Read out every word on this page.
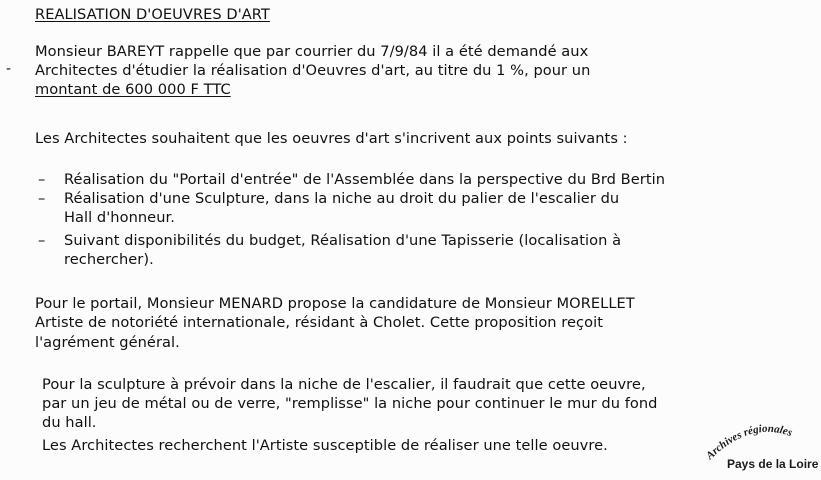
REALISATION D'OEUVRES D'ART
-
Monsieur BAREYT rappelle que par courrier du 7/9/84 il a été demandé aux
Architectes d'étudier la réalisation d'Oeuvres d'art, au titre du 1 %, pour un
montant de 600 000 F TTC
Les Architectes souhaitent que les oeuvres d'art s'incrivent aux points suivants :
– Réalisation du "Portail d'entrée" de l'Assemblée dans la perspective du Brd Bertin
– Réalisation d'une Sculpture, dans la niche au droit du palier de l'escalier du
Hall d'honneur.
– Suivant disponibilités du budget, Réalisation d'une Tapisserie (localisation à
rechercher).
Pour le portail, Monsieur MENARD propose la candidature de Monsieur MORELLET
Artiste de notoriété internationale, résidant à Cholet. Cette proposition reçoit
l'agrément général.
Pour la sculpture à prévoir dans la niche de l'escalier, il faudrait que cette oeuvre,
par un jeu de métal ou de verre, "remplisse" la niche pour continuer le mur du fond
du hall.
Les Architectes recherchent l'Artiste susceptible de réaliser une telle oeuvre.
Archives régionales
Pays de la Loire
